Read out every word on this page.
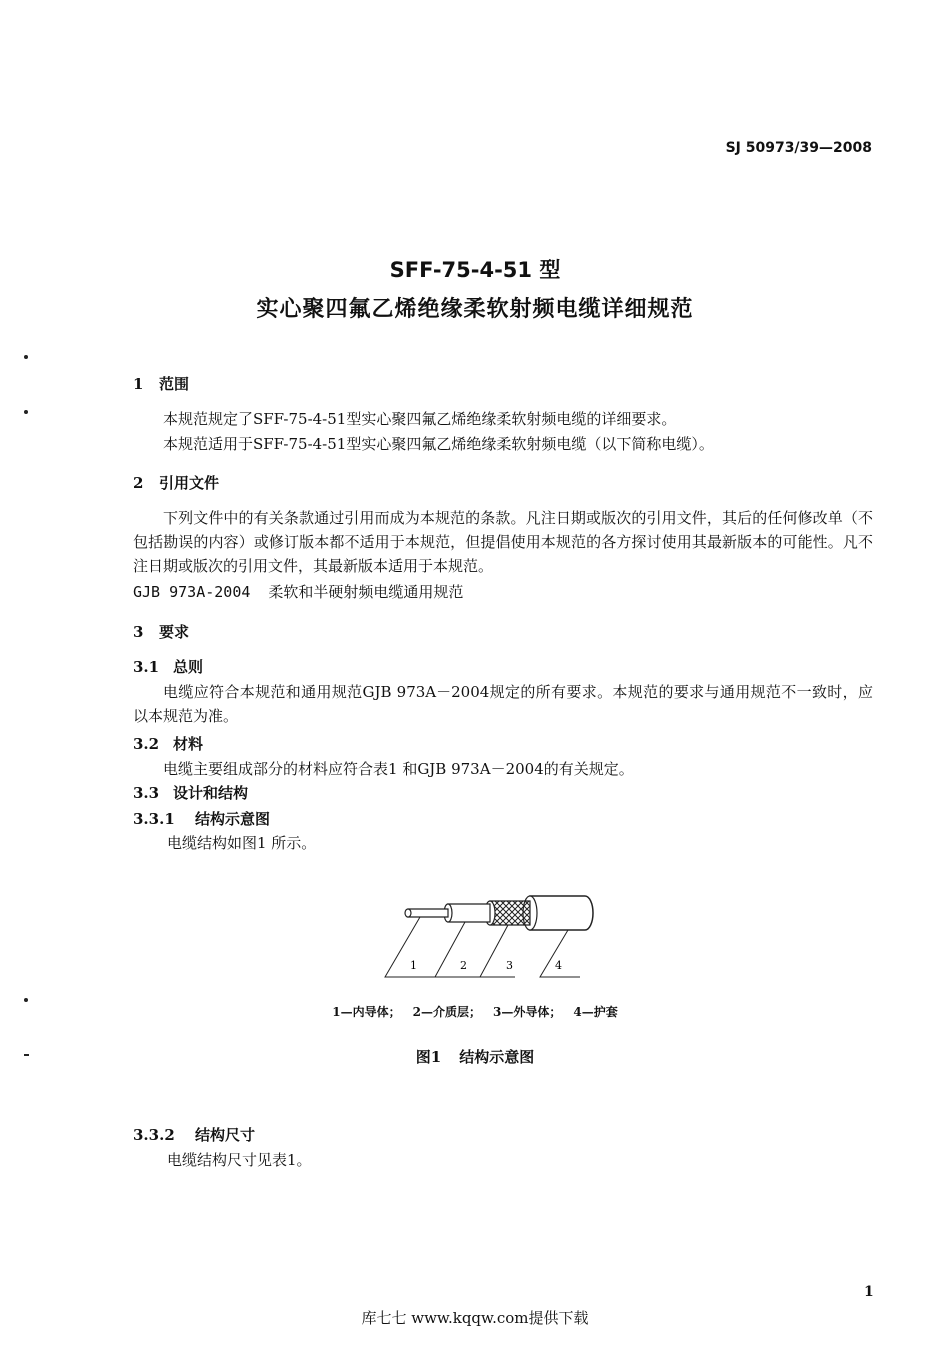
SJ 50973/39—2008
SFF-75-4-51 型
实心聚四氟乙烯绝缘柔软射频电缆详细规范
1 范围
本规范规定了SFF-75-4-51型实心聚四氟乙烯绝缘柔软射频电缆的详细要求。
本规范适用于SFF-75-4-51型实心聚四氟乙烯绝缘柔软射频电缆（以下简称电缆）。
2 引用文件
下列文件中的有关条款通过引用而成为本规范的条款。凡注日期或版次的引用文件，其后的任何修改单（不包括勘误的内容）或修订版本都不适用于本规范，但提倡使用本规范的各方探讨使用其最新版本的可能性。凡不注日期或版次的引用文件，其最新版本适用于本规范。
GJB 973A-2004 柔软和半硬射频电缆通用规范
3 要求
3.1 总则
电缆应符合本规范和通用规范GJB 973A－2004规定的所有要求。本规范的要求与通用规范不一致时，应以本规范为准。
3.2 材料
电缆主要组成部分的材料应符合表1 和GJB 973A－2004的有关规定。
3.3 设计和结构
3.3.1 结构示意图
电缆结构如图1 所示。
1	2	3	4
1—内导体； 2—介质层； 3—外导体； 4—护套
图1 结构示意图
3.3.2 结构尺寸
电缆结构尺寸见表1。
1
库七七 www.kqqw.com提供下载
